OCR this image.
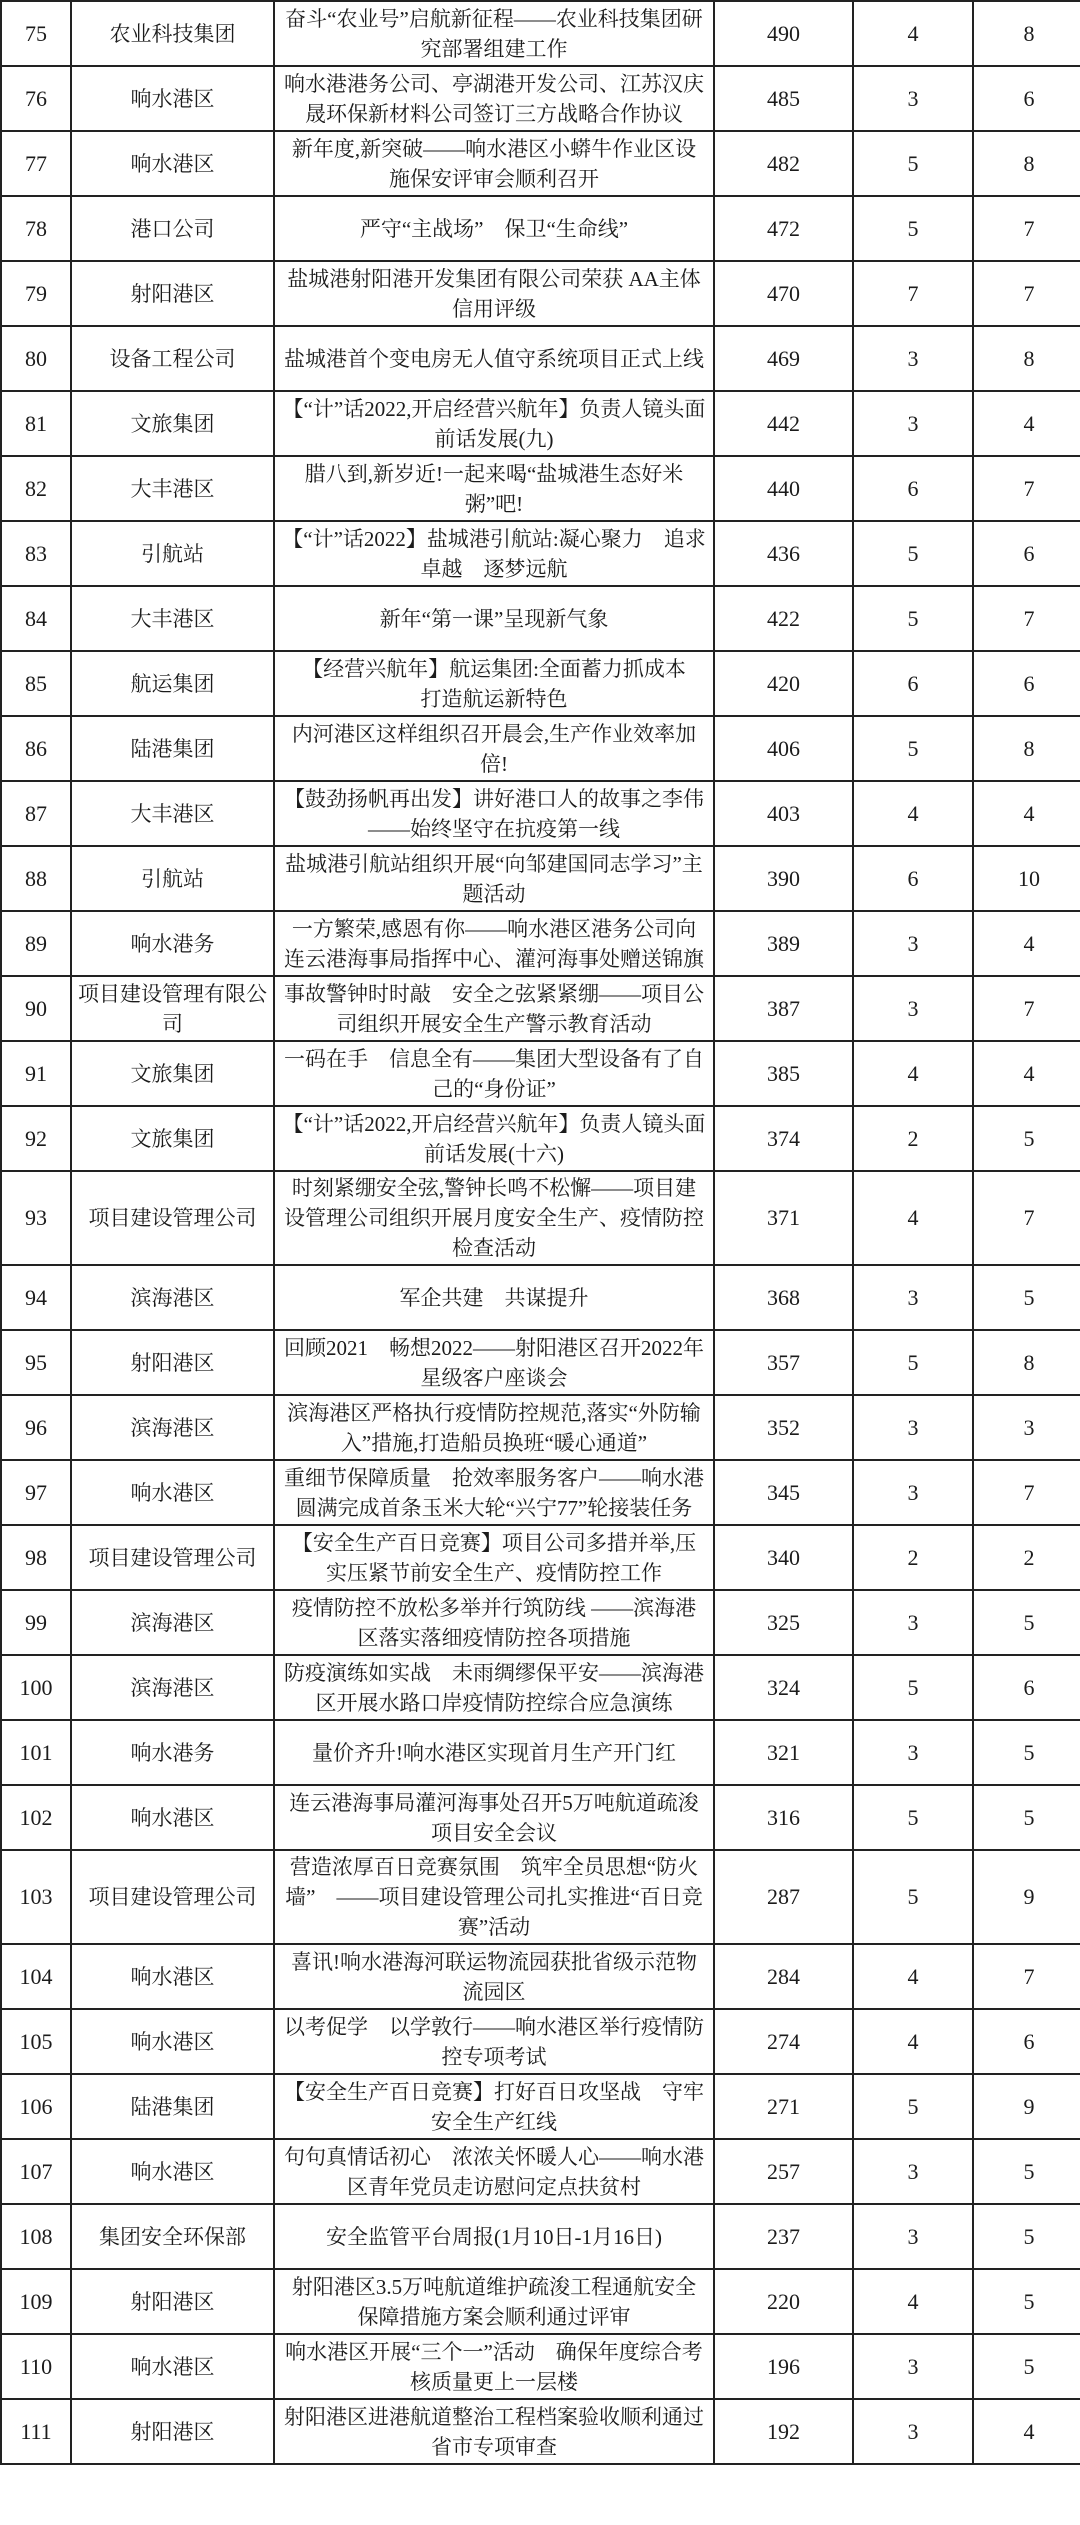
75	农业科技集团	奋斗“农业号”启航新征程——农业科技集团研究部署组建工作	490	4	8
76	响水港区	响水港港务公司、亭湖港开发公司、江苏汉庆晟环保新材料公司签订三方战略合作协议	485	3	6
77	响水港区	新年度,新突破——响水港区小蟒牛作业区设施保安评审会顺利召开	482	5	8
78	港口公司	严守“主战场”　保卫“生命线”	472	5	7
79	射阳港区	盐城港射阳港开发集团有限公司荣获 AA主体信用评级	470	7	7
80	设备工程公司	盐城港首个变电房无人值守系统项目正式上线	469	3	8
81	文旅集团	【“计”话2022,开启经营兴航年】负责人镜头面前话发展(九)	442	3	4
82	大丰港区	腊八到,新岁近!一起来喝“盐城港生态好米粥”吧!	440	6	7
83	引航站	【“计”话2022】盐城港引航站:凝心聚力　追求卓越　逐梦远航	436	5	6
84	大丰港区	新年“第一课”呈现新气象	422	5	7
85	航运集团	【经营兴航年】航运集团:全面蓄力抓成本　打造航运新特色	420	6	6
86	陆港集团	内河港区这样组织召开晨会,生产作业效率加倍!	406	5	8
87	大丰港区	【鼓劲扬帆再出发】讲好港口人的故事之李伟——始终坚守在抗疫第一线	403	4	4
88	引航站	盐城港引航站组织开展“向邹建国同志学习”主题活动	390	6	10
89	响水港务	一方繁荣,感恩有你——响水港区港务公司向连云港海事局指挥中心、灌河海事处赠送锦旗	389	3	4
90	项目建设管理有限公司	事故警钟时时敲　安全之弦紧紧绷——项目公司组织开展安全生产警示教育活动	387	3	7
91	文旅集团	一码在手　信息全有——集团大型设备有了自己的“身份证”	385	4	4
92	文旅集团	【“计”话2022,开启经营兴航年】负责人镜头面前话发展(十六)	374	2	5
93	项目建设管理公司	时刻紧绷安全弦,警钟长鸣不松懈——项目建设管理公司组织开展月度安全生产、疫情防控检查活动	371	4	7
94	滨海港区	军企共建　共谋提升	368	3	5
95	射阳港区	回顾2021　畅想2022——射阳港区召开2022年星级客户座谈会	357	5	8
96	滨海港区	滨海港区严格执行疫情防控规范,落实“外防输入”措施,打造船员换班“暖心通道”	352	3	3
97	响水港区	重细节保障质量　抢效率服务客户——响水港圆满完成首条玉米大轮“兴宁77”轮接装任务	345	3	7
98	项目建设管理公司	【安全生产百日竞赛】项目公司多措并举,压实压紧节前安全生产、疫情防控工作	340	2	2
99	滨海港区	疫情防控不放松多举并行筑防线 ——滨海港区落实落细疫情防控各项措施	325	3	5
100	滨海港区	防疫演练如实战　未雨绸缪保平安——滨海港区开展水路口岸疫情防控综合应急演练	324	5	6
101	响水港务	量价齐升!响水港区实现首月生产开门红	321	3	5
102	响水港区	连云港海事局灌河海事处召开5万吨航道疏浚项目安全会议	316	5	5
103	项目建设管理公司	营造浓厚百日竞赛氛围　筑牢全员思想“防火墙”　——项目建设管理公司扎实推进“百日竞赛”活动	287	5	9
104	响水港区	喜讯!响水港海河联运物流园获批省级示范物流园区	284	4	7
105	响水港区	以考促学　以学敦行——响水港区举行疫情防控专项考试	274	4	6
106	陆港集团	【安全生产百日竞赛】打好百日攻坚战　守牢安全生产红线	271	5	9
107	响水港区	句句真情话初心　浓浓关怀暖人心——响水港区青年党员走访慰问定点扶贫村	257	3	5
108	集团安全环保部	安全监管平台周报(1月10日-1月16日)	237	3	5
109	射阳港区	射阳港区3.5万吨航道维护疏浚工程通航安全保障措施方案会顺利通过评审	220	4	5
110	响水港区	响水港区开展“三个一”活动　确保年度综合考核质量更上一层楼	196	3	5
111	射阳港区	射阳港区进港航道整治工程档案验收顺利通过省市专项审查	192	3	4
